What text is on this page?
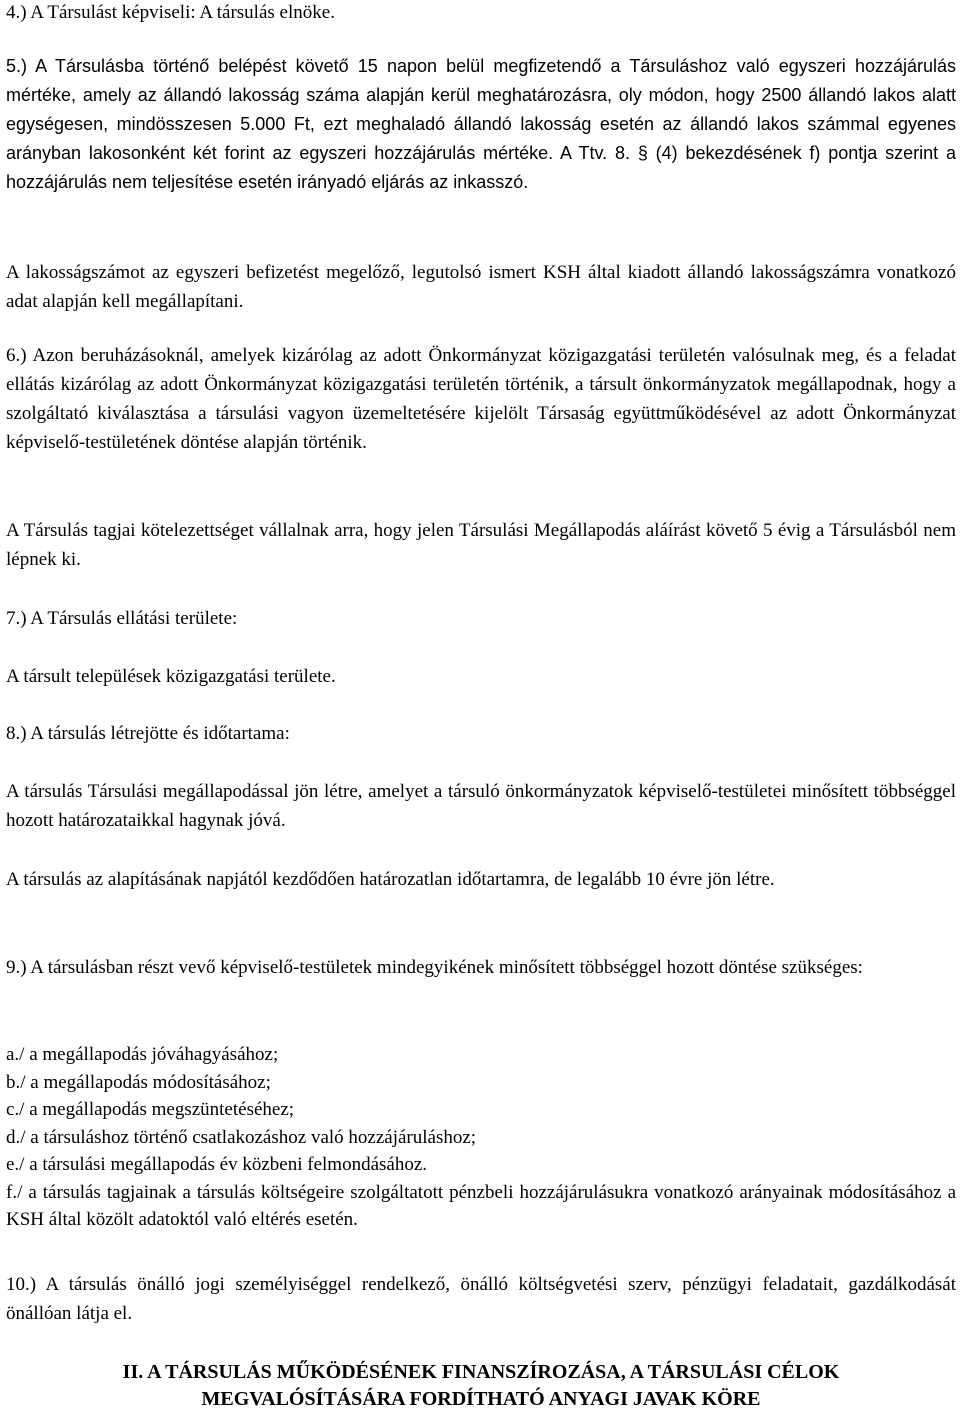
4.) A Társulást képviseli: A társulás elnöke.

5.) A Társulásba történő belépést követő 15 napon belül megfizetendő a Társuláshoz való egyszeri hozzájárulás mértéke, amely az állandó lakosság száma alapján kerül meghatározásra, oly módon, hogy 2500 állandó lakos alatt egységesen, mindösszesen 5.000 Ft, ezt meghaladó állandó lakosság esetén az állandó lakos számmal egyenes arányban lakosonként két forint az egyszeri hozzájárulás mértéke. A Ttv. 8. § (4) bekezdésének f) pontja szerint a hozzájárulás nem teljesítése esetén irányadó eljárás az inkasszó.

A lakosságszámot az egyszeri befizetést megelőző, legutolsó ismert KSH által kiadott állandó lakosságszámra vonatkozó adat alapján kell megállapítani.

6.) Azon beruházásoknál, amelyek kizárólag az adott Önkormányzat közigazgatási területén valósulnak meg, és a feladat ellátás kizárólag az adott Önkormányzat közigazgatási területén történik, a társult önkormányzatok megállapodnak, hogy a szolgáltató kiválasztása a társulási vagyon üzemeltetésére kijelölt Társaság együttműködésével az adott Önkormányzat képviselő-testületének döntése alapján történik.

A Társulás tagjai kötelezettséget vállalnak arra, hogy jelen Társulási Megállapodás aláírást követő 5 évig a Társulásból nem lépnek ki.

7.) A Társulás ellátási területe:

A társult települések közigazgatási területe.

8.) A társulás létrejötte és időtartama:

A társulás Társulási megállapodással jön létre, amelyet a társuló önkormányzatok képviselő-testületei minősített többséggel hozott határozataikkal hagynak jóvá.

A társulás az alapításának napjától kezdődően határozatlan időtartamra, de legalább 10 évre jön létre.

9.) A társulásban részt vevő képviselő-testületek mindegyikének minősített többséggel hozott döntése szükséges:

a./ a megállapodás jóváhagyásához;
b./ a megállapodás módosításához;
c./ a megállapodás megszüntetéséhez;
d./ a társuláshoz történő csatlakozáshoz való hozzájáruláshoz;
e./ a társulási megállapodás év közbeni felmondásához.
f./ a társulás tagjainak a társulás költségeire szolgáltatott pénzbeli hozzájárulásukra vonatkozó arányainak módosításához a KSH által közölt adatoktól való eltérés esetén.

10.) A társulás önálló jogi személyiséggel rendelkező, önálló költségvetési szerv, pénzügyi feladatait, gazdálkodását önállóan látja el.

II. A TÁRSULÁS MŰKÖDÉSÉNEK FINANSZÍROZÁSA, A TÁRSULÁSI CÉLOK
MEGVALÓSÍTÁSÁRA FORDÍTHATÓ ANYAGI JAVAK KÖRE
